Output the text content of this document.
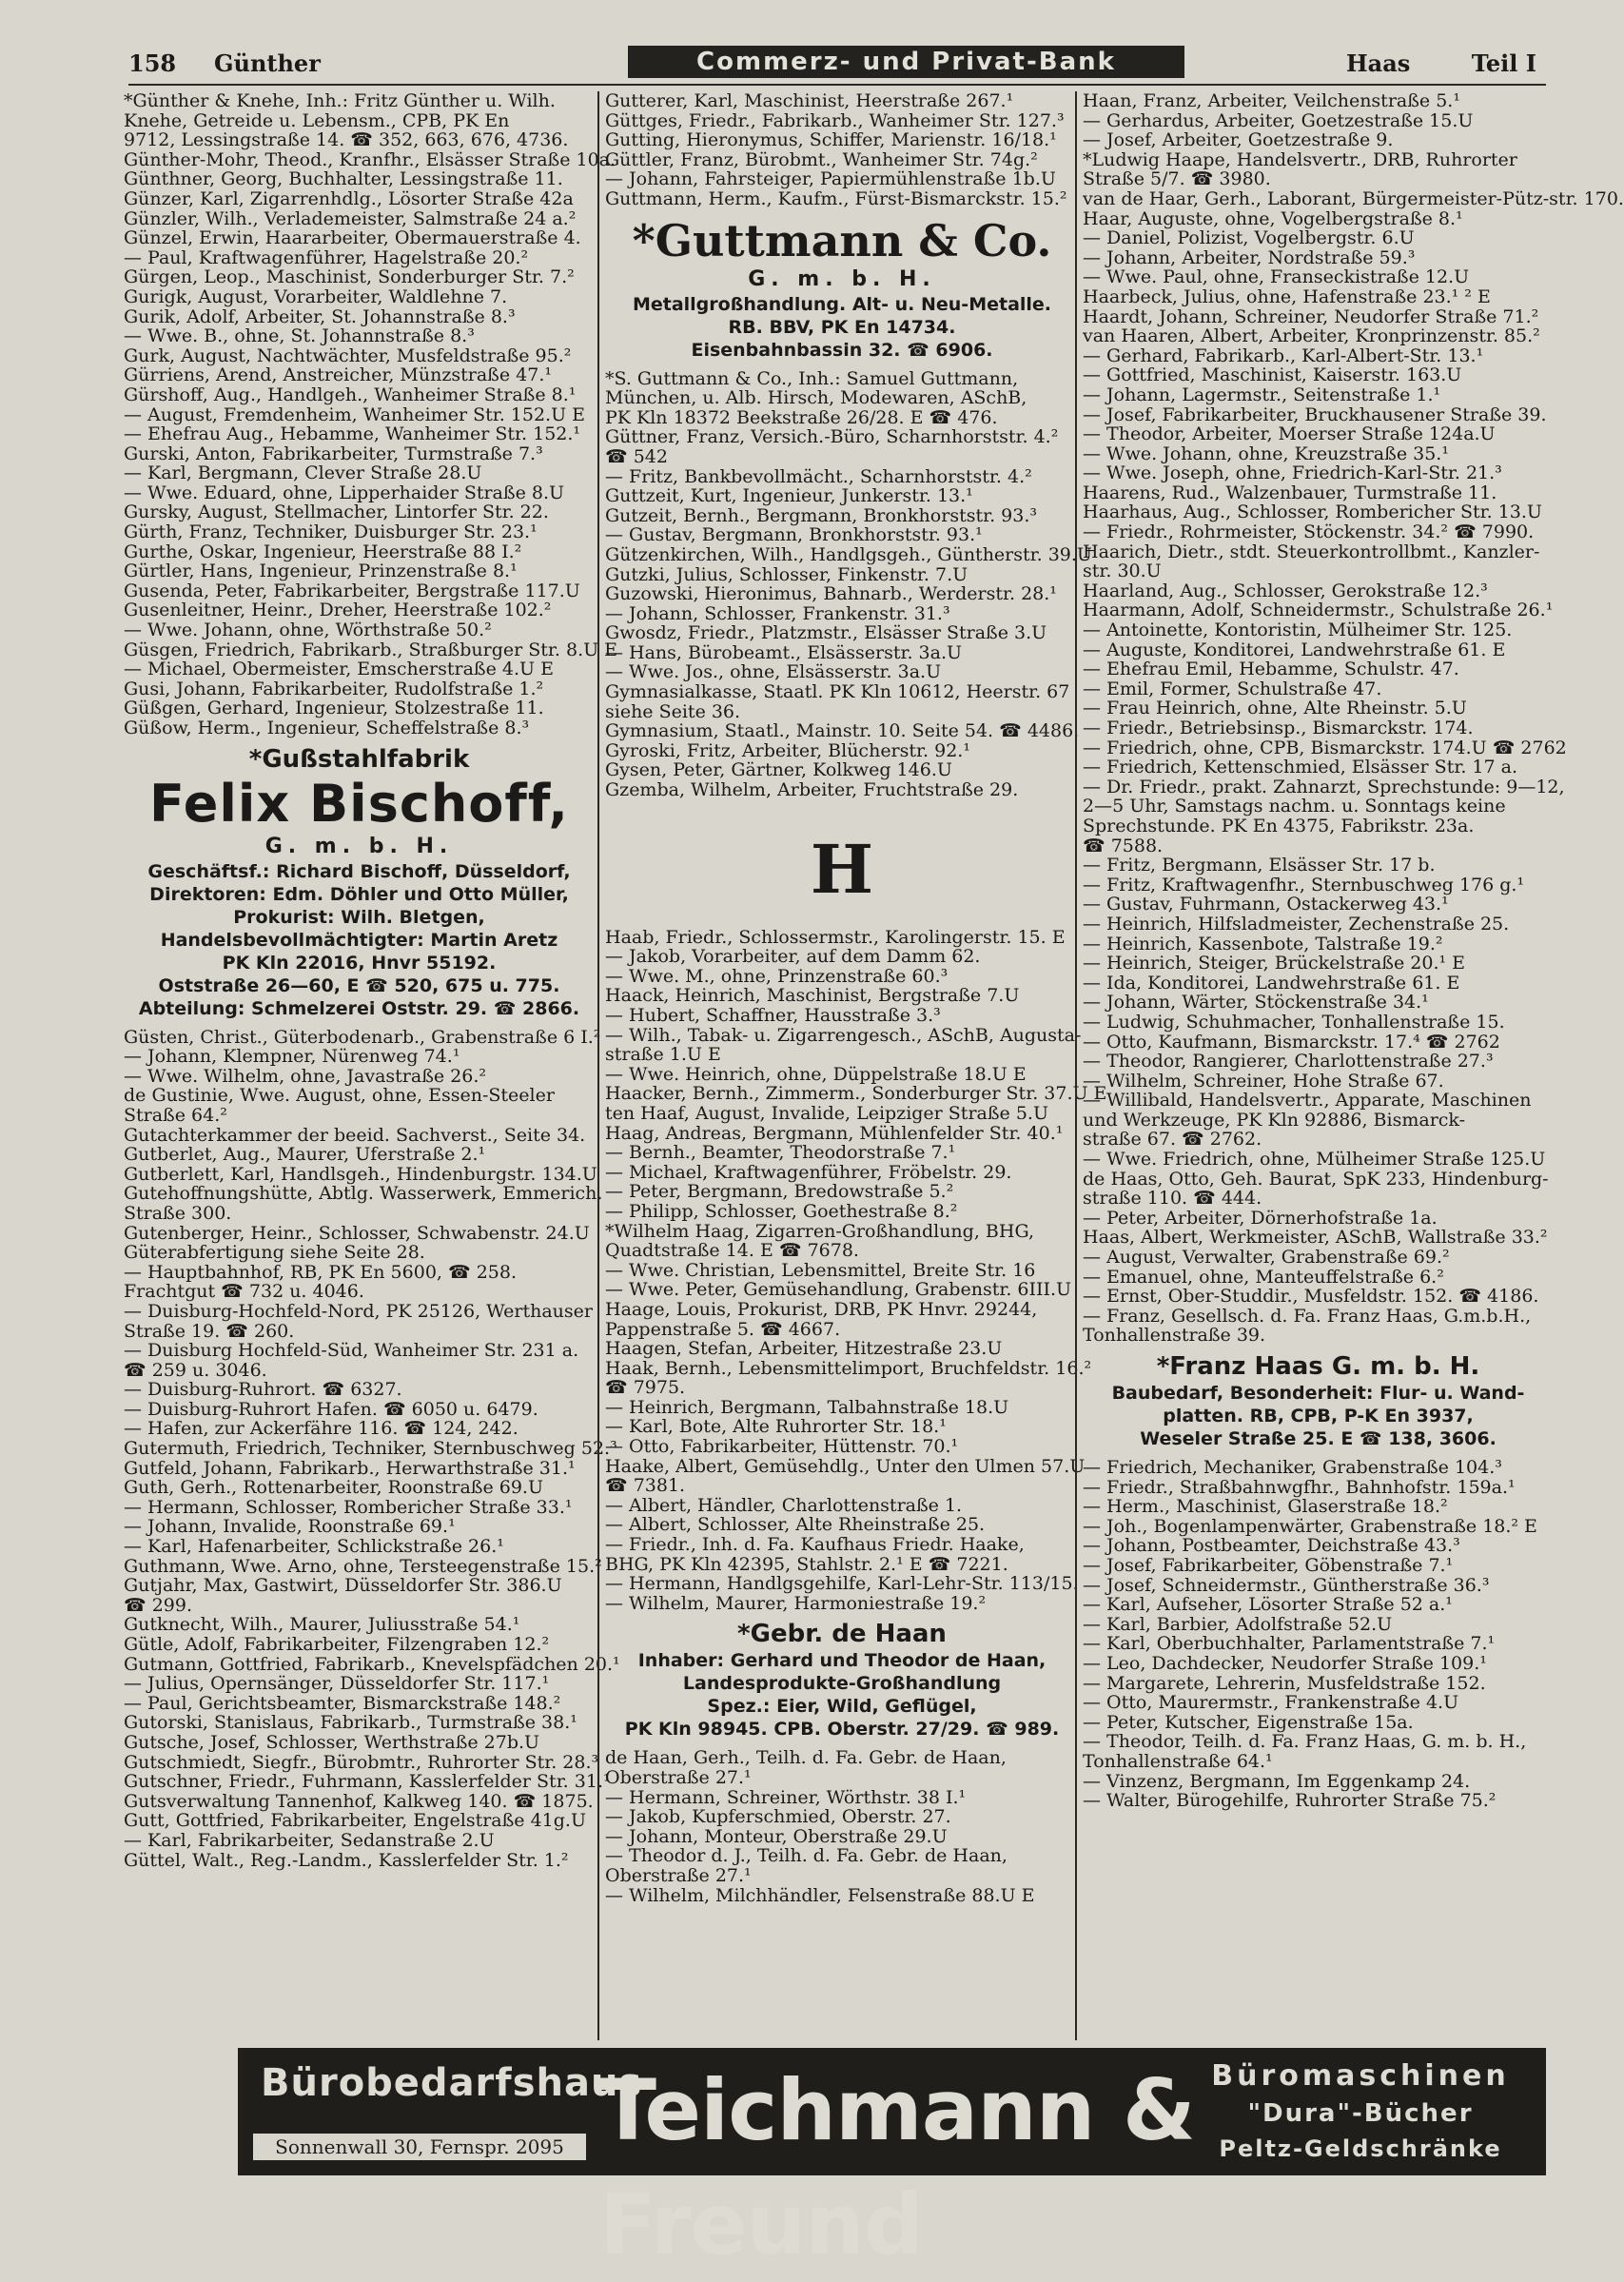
158 Günther	Commerz- und Privat-Bank	Haas	Teil I
*Günther & Knehe, Inh.: Fritz Günther u. Wilh.
Knehe, Getreide u. Lebensm., CPB, PK En
9712, Lessingstraße 14. ☎ 352, 663, 676, 4736.
Günther-Mohr, Theod., Kranfhr., Elsässer Straße 10a.
Günthner, Georg, Buchhalter, Lessingstraße 11.
Günzer, Karl, Zigarrenhdlg., Lösorter Straße 42a
Günzler, Wilh., Verlademeister, Salmstraße 24 a.²
Günzel, Erwin, Haararbeiter, Obermauerstraße 4.
— Paul, Kraftwagenführer, Hagelstraße 20.²
Gürgen, Leop., Maschinist, Sonderburger Str. 7.²
Gurigk, August, Vorarbeiter, Waldlehne 7.
Gurik, Adolf, Arbeiter, St. Johannstraße 8.³
— Wwe. B., ohne, St. Johannstraße 8.³
Gurk, August, Nachtwächter, Musfeldstraße 95.²
Gürriens, Arend, Anstreicher, Münzstraße 47.¹
Gürshoff, Aug., Handlgeh., Wanheimer Straße 8.¹
— August, Fremdenheim, Wanheimer Str. 152.U E
— Ehefrau Aug., Hebamme, Wanheimer Str. 152.¹
Gurski, Anton, Fabrikarbeiter, Turmstraße 7.³
— Karl, Bergmann, Clever Straße 28.U
— Wwe. Eduard, ohne, Lipperhaider Straße 8.U
Gursky, August, Stellmacher, Lintorfer Str. 22.
Gürth, Franz, Techniker, Duisburger Str. 23.¹
Gurthe, Oskar, Ingenieur, Heerstraße 88 I.²
Gürtler, Hans, Ingenieur, Prinzenstraße 8.¹
Gusenda, Peter, Fabrikarbeiter, Bergstraße 117.U
Gusenleitner, Heinr., Dreher, Heerstraße 102.²
— Wwe. Johann, ohne, Wörthstraße 50.²
Güsgen, Friedrich, Fabrikarb., Straßburger Str. 8.U E
— Michael, Obermeister, Emscherstraße 4.U E
Gusi, Johann, Fabrikarbeiter, Rudolfstraße 1.²
Güßgen, Gerhard, Ingenieur, Stolzestraße 11.
Güßow, Herm., Ingenieur, Scheffelstraße 8.³
*Gußstahlfabrik
Felix Bischoff,
G. m. b. H.
Geschäftsf.: Richard Bischoff, Düsseldorf,
Direktoren: Edm. Döhler und Otto Müller,
Prokurist: Wilh. Bletgen,
Handelsbevollmächtigter: Martin Aretz
PK Kln 22016, Hnvr 55192.
Oststraße 26—60, E ☎ 520, 675 u. 775.
Abteilung: Schmelzerei Oststr. 29. ☎ 2866.
Güsten, Christ., Güterbodenarb., Grabenstraße 6 I.²
— Johann, Klempner, Nürenweg 74.¹
— Wwe. Wilhelm, ohne, Javastraße 26.²
de Gustinie, Wwe. August, ohne, Essen-Steeler
Straße 64.²
Gutachterkammer der beeid. Sachverst., Seite 34.
Gutberlet, Aug., Maurer, Uferstraße 2.¹
Gutberlett, Karl, Handlsgeh., Hindenburgstr. 134.U
Gutehoffnungshütte, Abtlg. Wasserwerk, Emmerich.
Straße 300.
Gutenberger, Heinr., Schlosser, Schwabenstr. 24.U
Güterabfertigung siehe Seite 28.
— Hauptbahnhof, RB, PK En 5600, ☎ 258.
Frachtgut ☎ 732 u. 4046.
— Duisburg-Hochfeld-Nord, PK 25126, Werthauser
Straße 19. ☎ 260.
— Duisburg Hochfeld-Süd, Wanheimer Str. 231 a.
☎ 259 u. 3046.
— Duisburg-Ruhrort. ☎ 6327.
— Duisburg-Ruhrort Hafen. ☎ 6050 u. 6479.
— Hafen, zur Ackerfähre 116. ☎ 124, 242.
Gutermuth, Friedrich, Techniker, Sternbuschweg 52.³
Gutfeld, Johann, Fabrikarb., Herwarthstraße 31.¹
Guth, Gerh., Rottenarbeiter, Roonstraße 69.U
— Hermann, Schlosser, Rombericher Straße 33.¹
— Johann, Invalide, Roonstraße 69.¹
— Karl, Hafenarbeiter, Schlickstraße 26.¹
Guthmann, Wwe. Arno, ohne, Tersteegenstraße 15.²
Gutjahr, Max, Gastwirt, Düsseldorfer Str. 386.U
☎ 299.
Gutknecht, Wilh., Maurer, Juliusstraße 54.¹
Gütle, Adolf, Fabrikarbeiter, Filzengraben 12.²
Gutmann, Gottfried, Fabrikarb., Knevelspfädchen 20.¹
— Julius, Opernsänger, Düsseldorfer Str. 117.¹
— Paul, Gerichtsbeamter, Bismarckstraße 148.²
Gutorski, Stanislaus, Fabrikarb., Turmstraße 38.¹
Gutsche, Josef, Schlosser, Werthstraße 27b.U
Gutschmiedt, Siegfr., Bürobmtr., Ruhrorter Str. 28.³
Gutschner, Friedr., Fuhrmann, Kasslerfelder Str. 31.¹
Gutsverwaltung Tannenhof, Kalkweg 140. ☎ 1875.
Gutt, Gottfried, Fabrikarbeiter, Engelstraße 41g.U
— Karl, Fabrikarbeiter, Sedanstraße 2.U
Güttel, Walt., Reg.-Landm., Kasslerfelder Str. 1.²
Gutterer, Karl, Maschinist, Heerstraße 267.¹
Güttges, Friedr., Fabrikarb., Wanheimer Str. 127.³
Gutting, Hieronymus, Schiffer, Marienstr. 16/18.¹
Güttler, Franz, Bürobmt., Wanheimer Str. 74g.²
— Johann, Fahrsteiger, Papiermühlenstraße 1b.U
Guttmann, Herm., Kaufm., Fürst-Bismarckstr. 15.²
*Guttmann & Co.
G. m. b. H.
Metallgroßhandlung. Alt- u. Neu-Metalle.
RB. BBV, PK En 14734.
Eisenbahnbassin 32. ☎ 6906.
*S. Guttmann & Co., Inh.: Samuel Guttmann,
München, u. Alb. Hirsch, Modewaren, ASchB,
PK Kln 18372 Beekstraße 26/28. E ☎ 476.
Güttner, Franz, Versich.-Büro, Scharnhorststr. 4.²
☎ 542
— Fritz, Bankbevollmächt., Scharnhorststr. 4.²
Guttzeit, Kurt, Ingenieur, Junkerstr. 13.¹
Gutzeit, Bernh., Bergmann, Bronkhorststr. 93.³
— Gustav, Bergmann, Bronkhorststr. 93.¹
Gützenkirchen, Wilh., Handlgsgeh., Güntherstr. 39.U
Gutzki, Julius, Schlosser, Finkenstr. 7.U
Guzowski, Hieronimus, Bahnarb., Werderstr. 28.¹
— Johann, Schlosser, Frankenstr. 31.³
Gwosdz, Friedr., Platzmstr., Elsässer Straße 3.U
— Hans, Bürobeamt., Elsässerstr. 3a.U
— Wwe. Jos., ohne, Elsässerstr. 3a.U
Gymnasialkasse, Staatl. PK Kln 10612, Heerstr. 67
siehe Seite 36.
Gymnasium, Staatl., Mainstr. 10. Seite 54. ☎ 4486.
Gyroski, Fritz, Arbeiter, Blücherstr. 92.¹
Gysen, Peter, Gärtner, Kolkweg 146.U
Gzemba, Wilhelm, Arbeiter, Fruchtstraße 29.
H
Haab, Friedr., Schlossermstr., Karolingerstr. 15. E
— Jakob, Vorarbeiter, auf dem Damm 62.
— Wwe. M., ohne, Prinzenstraße 60.³
Haack, Heinrich, Maschinist, Bergstraße 7.U
— Hubert, Schaffner, Hausstraße 3.³
— Wilh., Tabak- u. Zigarrengesch., ASchB, Augusta-
straße 1.U E
— Wwe. Heinrich, ohne, Düppelstraße 18.U E
Haacker, Bernh., Zimmerm., Sonderburger Str. 37.U E
ten Haaf, August, Invalide, Leipziger Straße 5.U
Haag, Andreas, Bergmann, Mühlenfelder Str. 40.¹
— Bernh., Beamter, Theodorstraße 7.¹
— Michael, Kraftwagenführer, Fröbelstr. 29.
— Peter, Bergmann, Bredowstraße 5.²
— Philipp, Schlosser, Goethestraße 8.²
*Wilhelm Haag, Zigarren-Großhandlung, BHG,
Quadtstraße 14. E ☎ 7678.
— Wwe. Christian, Lebensmittel, Breite Str. 16
— Wwe. Peter, Gemüsehandlung, Grabenstr. 6III.U
Haage, Louis, Prokurist, DRB, PK Hnvr. 29244,
Pappenstraße 5. ☎ 4667.
Haagen, Stefan, Arbeiter, Hitzestraße 23.U
Haak, Bernh., Lebensmittelimport, Bruchfeldstr. 16.²
☎ 7975.
— Heinrich, Bergmann, Talbahnstraße 18.U
— Karl, Bote, Alte Ruhrorter Str. 18.¹
— Otto, Fabrikarbeiter, Hüttenstr. 70.¹
Haake, Albert, Gemüsehdlg., Unter den Ulmen 57.U
☎ 7381.
— Albert, Händler, Charlottenstraße 1.
— Albert, Schlosser, Alte Rheinstraße 25.
— Friedr., Inh. d. Fa. Kaufhaus Friedr. Haake,
BHG, PK Kln 42395, Stahlstr. 2.¹ E ☎ 7221.
— Hermann, Handlgsgehilfe, Karl-Lehr-Str. 113/15.
— Wilhelm, Maurer, Harmoniestraße 19.²
*Gebr. de Haan
Inhaber: Gerhard und Theodor de Haan,
Landesprodukte-Großhandlung
Spez.: Eier, Wild, Geflügel,
PK Kln 98945. CPB. Oberstr. 27/29. ☎ 989.
de Haan, Gerh., Teilh. d. Fa. Gebr. de Haan,
Oberstraße 27.¹
— Hermann, Schreiner, Wörthstr. 38 I.¹
— Jakob, Kupferschmied, Oberstr. 27.
— Johann, Monteur, Oberstraße 29.U
— Theodor d. J., Teilh. d. Fa. Gebr. de Haan,
Oberstraße 27.¹
— Wilhelm, Milchhändler, Felsenstraße 88.U E
Haan, Franz, Arbeiter, Veilchenstraße 5.¹
— Gerhardus, Arbeiter, Goetzestraße 15.U
— Josef, Arbeiter, Goetzestraße 9.
*Ludwig Haape, Handelsvertr., DRB, Ruhrorter
Straße 5/7. ☎ 3980.
van de Haar, Gerh., Laborant, Bürgermeister-Pütz-str. 170.
Haar, Auguste, ohne, Vogelbergstraße 8.¹
— Daniel, Polizist, Vogelbergstr. 6.U
— Johann, Arbeiter, Nordstraße 59.³
— Wwe. Paul, ohne, Franseckistraße 12.U
Haarbeck, Julius, ohne, Hafenstraße 23.¹ ² E
Haardt, Johann, Schreiner, Neudorfer Straße 71.²
van Haaren, Albert, Arbeiter, Kronprinzenstr. 85.²
— Gerhard, Fabrikarb., Karl-Albert-Str. 13.¹
— Gottfried, Maschinist, Kaiserstr. 163.U
— Johann, Lagermstr., Seitenstraße 1.¹
— Josef, Fabrikarbeiter, Bruckhausener Straße 39.
— Theodor, Arbeiter, Moerser Straße 124a.U
— Wwe. Johann, ohne, Kreuzstraße 35.¹
— Wwe. Joseph, ohne, Friedrich-Karl-Str. 21.³
Haarens, Rud., Walzenbauer, Turmstraße 11.
Haarhaus, Aug., Schlosser, Rombericher Str. 13.U
— Friedr., Rohrmeister, Stöckenstr. 34.² ☎ 7990.
Haarich, Dietr., stdt. Steuerkontrollbmt., Kanzler-
str. 30.U
Haarland, Aug., Schlosser, Gerokstraße 12.³
Haarmann, Adolf, Schneidermstr., Schulstraße 26.¹
— Antoinette, Kontoristin, Mülheimer Str. 125.
— Auguste, Konditorei, Landwehrstraße 61. E
— Ehefrau Emil, Hebamme, Schulstr. 47.
— Emil, Former, Schulstraße 47.
— Frau Heinrich, ohne, Alte Rheinstr. 5.U
— Friedr., Betriebsinsp., Bismarckstr. 174.
— Friedrich, ohne, CPB, Bismarckstr. 174.U ☎ 2762
— Friedrich, Kettenschmied, Elsässer Str. 17 a.
— Dr. Friedr., prakt. Zahnarzt, Sprechstunde: 9—12,
2—5 Uhr, Samstags nachm. u. Sonntags keine
Sprechstunde. PK En 4375, Fabrikstr. 23a.
☎ 7588.
— Fritz, Bergmann, Elsässer Str. 17 b.
— Fritz, Kraftwagenfhr., Sternbuschweg 176 g.¹
— Gustav, Fuhrmann, Ostackerweg 43.¹
— Heinrich, Hilfsladmeister, Zechenstraße 25.
— Heinrich, Kassenbote, Talstraße 19.²
— Heinrich, Steiger, Brückelstraße 20.¹ E
— Ida, Konditorei, Landwehrstraße 61. E
— Johann, Wärter, Stöckenstraße 34.¹
— Ludwig, Schuhmacher, Tonhallenstraße 15.
— Otto, Kaufmann, Bismarckstr. 17.⁴ ☎ 2762
— Theodor, Rangierer, Charlottenstraße 27.³
— Wilhelm, Schreiner, Hohe Straße 67.
— Willibald, Handelsvertr., Apparate, Maschinen
und Werkzeuge, PK Kln 92886, Bismarck-
straße 67. ☎ 2762.
— Wwe. Friedrich, ohne, Mülheimer Straße 125.U
de Haas, Otto, Geh. Baurat, SpK 233, Hindenburg-
straße 110. ☎ 444.
— Peter, Arbeiter, Dörnerhofstraße 1a.
Haas, Albert, Werkmeister, ASchB, Wallstraße 33.²
— August, Verwalter, Grabenstraße 69.²
— Emanuel, ohne, Manteuffelstraße 6.²
— Ernst, Ober-Studdir., Musfeldstr. 152. ☎ 4186.
— Franz, Gesellsch. d. Fa. Franz Haas, G.m.b.H.,
Tonhallenstraße 39.
*Franz Haas G. m. b. H.
Baubedarf, Besonderheit: Flur- u. Wand-
platten. RB, CPB, P-K En 3937,
Weseler Straße 25. E ☎ 138, 3606.
— Friedrich, Mechaniker, Grabenstraße 104.³
— Friedr., Straßbahnwgfhr., Bahnhofstr. 159a.¹
— Herm., Maschinist, Glaserstraße 18.²
— Joh., Bogenlampenwärter, Grabenstraße 18.² E
— Johann, Postbeamter, Deichstraße 43.³
— Josef, Fabrikarbeiter, Göbenstraße 7.¹
— Josef, Schneidermstr., Güntherstraße 36.³
— Karl, Aufseher, Lösorter Straße 52 a.¹
— Karl, Barbier, Adolfstraße 52.U
— Karl, Oberbuchhalter, Parlamentstraße 7.¹
— Leo, Dachdecker, Neudorfer Straße 109.¹
— Margarete, Lehrerin, Musfeldstraße 152.
— Otto, Maurermstr., Frankenstraße 4.U
— Peter, Kutscher, Eigenstraße 15a.
— Theodor, Teilh. d. Fa. Franz Haas, G. m. b. H.,
Tonhallenstraße 64.¹
— Vinzenz, Bergmann, Im Eggenkamp 24.
— Walter, Bürogehilfe, Ruhrorter Straße 75.²
Bürobedarfshaus
Sonnenwall 30, Fernspr. 2095 Teichmann & Freund
Büromaschinen
"Dura"-Bücher
Peltz-Geldschränke
